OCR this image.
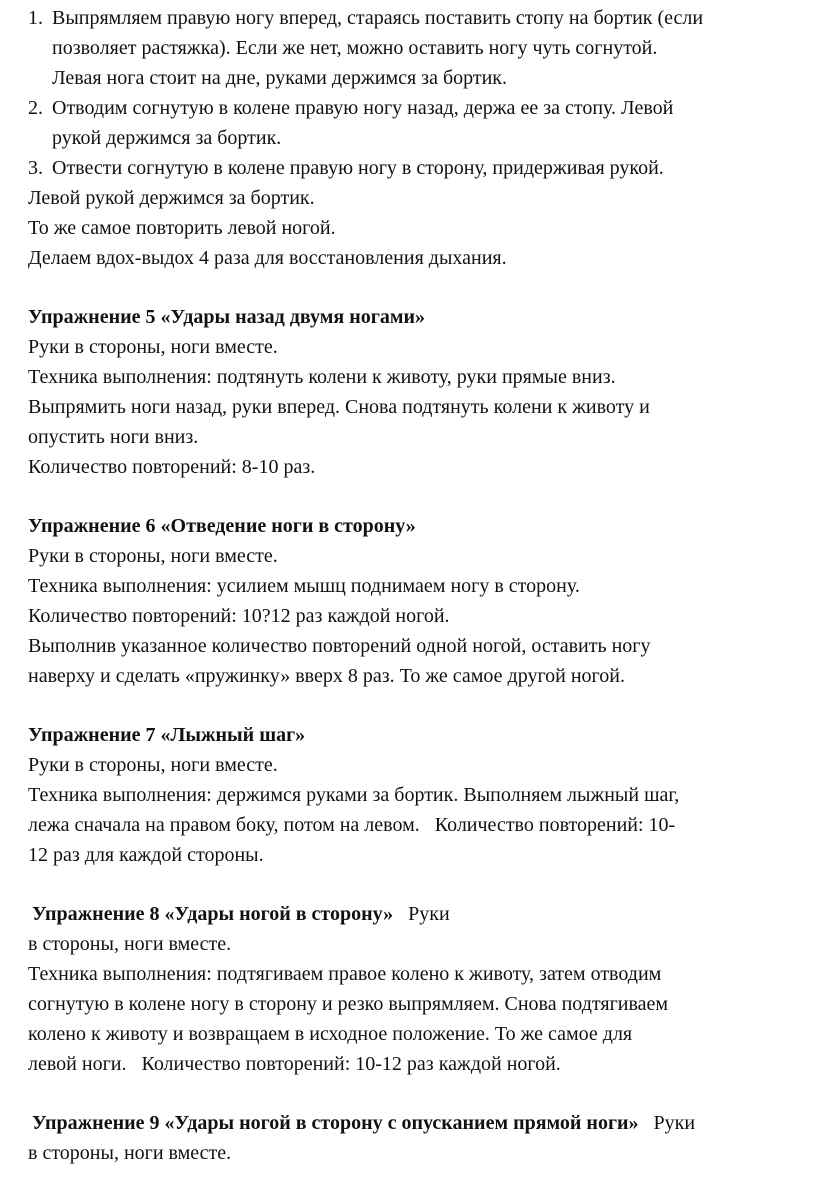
1. Выпрямляем правую ногу вперед, стараясь поставить стопу на бортик (если
позволяет растяжка). Если же нет, можно оставить ногу чуть согнутой.
Левая нога стоит на дне, руками держимся за бортик.
2. Отводим согнутую в колене правую ногу назад, держа ее за стопу. Левой
рукой держимся за бортик.
3. Отвести согнутую в колене правую ногу в сторону, придерживая рукой.
Левой рукой держимся за бортик.
То же самое повторить левой ногой.
Делаем вдох-выдох 4 раза для восстановления дыхания.
Упражнение 5 «Удары назад двумя ногами»
Руки в стороны, ноги вместе.
Техника выполнения: подтянуть колени к животу, руки прямые вниз.
Выпрямить ноги назад, руки вперед. Снова подтянуть колени к животу и
опустить ноги вниз.
Количество повторений: 8-10 раз.
Упражнение 6 «Отведение ноги в сторону»
Руки в стороны, ноги вместе.
Техника выполнения: усилием мышц поднимаем ногу в сторону.
Количество повторений: 10?12 раз каждой ногой.
Выполнив указанное количество повторений одной ногой, оставить ногу
наверху и сделать «пружинку» вверх 8 раз. То же самое другой ногой.
Упражнение 7 «Лыжный шаг»
Руки в стороны, ноги вместе.
Техника выполнения: держимся руками за бортик. Выполняем лыжный шаг,
лежа сначала на правом боку, потом на левом.   Количество повторений: 10-
12 раз для каждой стороны.
Упражнение 8 «Удары ногой в сторону»   Руки
в стороны, ноги вместе.
Техника выполнения: подтягиваем правое колено к животу, затем отводим
согнутую в колене ногу в сторону и резко выпрямляем. Снова подтягиваем
колено к животу и возвращаем в исходное положение. То же самое для
левой ноги.   Количество повторений: 10-12 раз каждой ногой.
Упражнение 9 «Удары ногой в сторону с опусканием прямой ноги»   Руки
в стороны, ноги вместе.
